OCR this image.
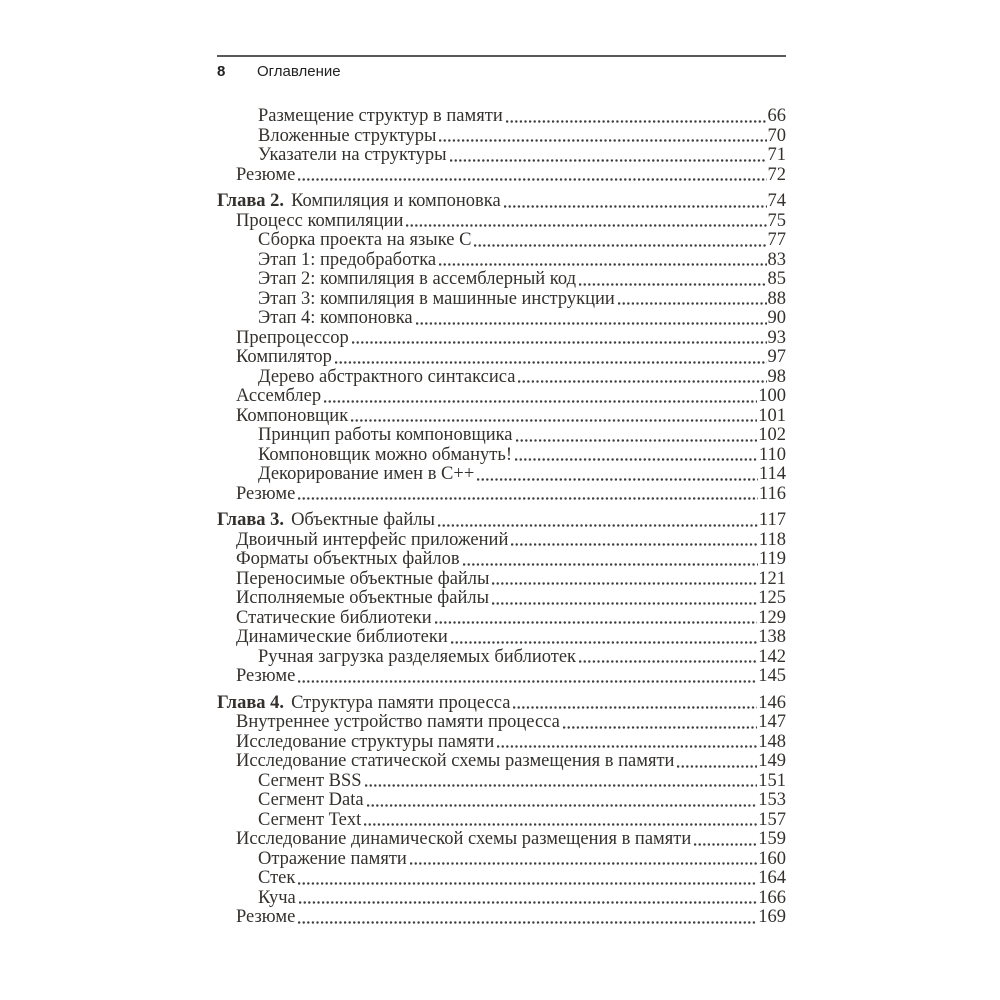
8	Оглавление
Размещение структур в памяти	66
Вложенные структуры	70
Указатели на структуры	71
Резюме	72
Глава 2. Компиляция и компоновка	74
Процесс компиляции	75
Сборка проекта на языке C	77
Этап 1: предобработка	83
Этап 2: компиляция в ассемблерный код	85
Этап 3: компиляция в машинные инструкции	88
Этап 4: компоновка	90
Препроцессор	93
Компилятор	97
Дерево абстрактного синтаксиса	98
Ассемблер	100
Компоновщик	101
Принцип работы компоновщика	102
Компоновщик можно обмануть!	110
Декорирование имен в C++	114
Резюме	116
Глава 3. Объектные файлы	117
Двоичный интерфейс приложений	118
Форматы объектных файлов	119
Переносимые объектные файлы	121
Исполняемые объектные файлы	125
Статические библиотеки	129
Динамические библиотеки	138
Ручная загрузка разделяемых библиотек	142
Резюме	145
Глава 4. Структура памяти процесса	146
Внутреннее устройство памяти процесса	147
Исследование структуры памяти	148
Исследование статической схемы размещения в памяти	149
Сегмент BSS	151
Сегмент Data	153
Сегмент Text	157
Исследование динамической схемы размещения в памяти	159
Отражение памяти	160
Стек	164
Куча	166
Резюме	169
